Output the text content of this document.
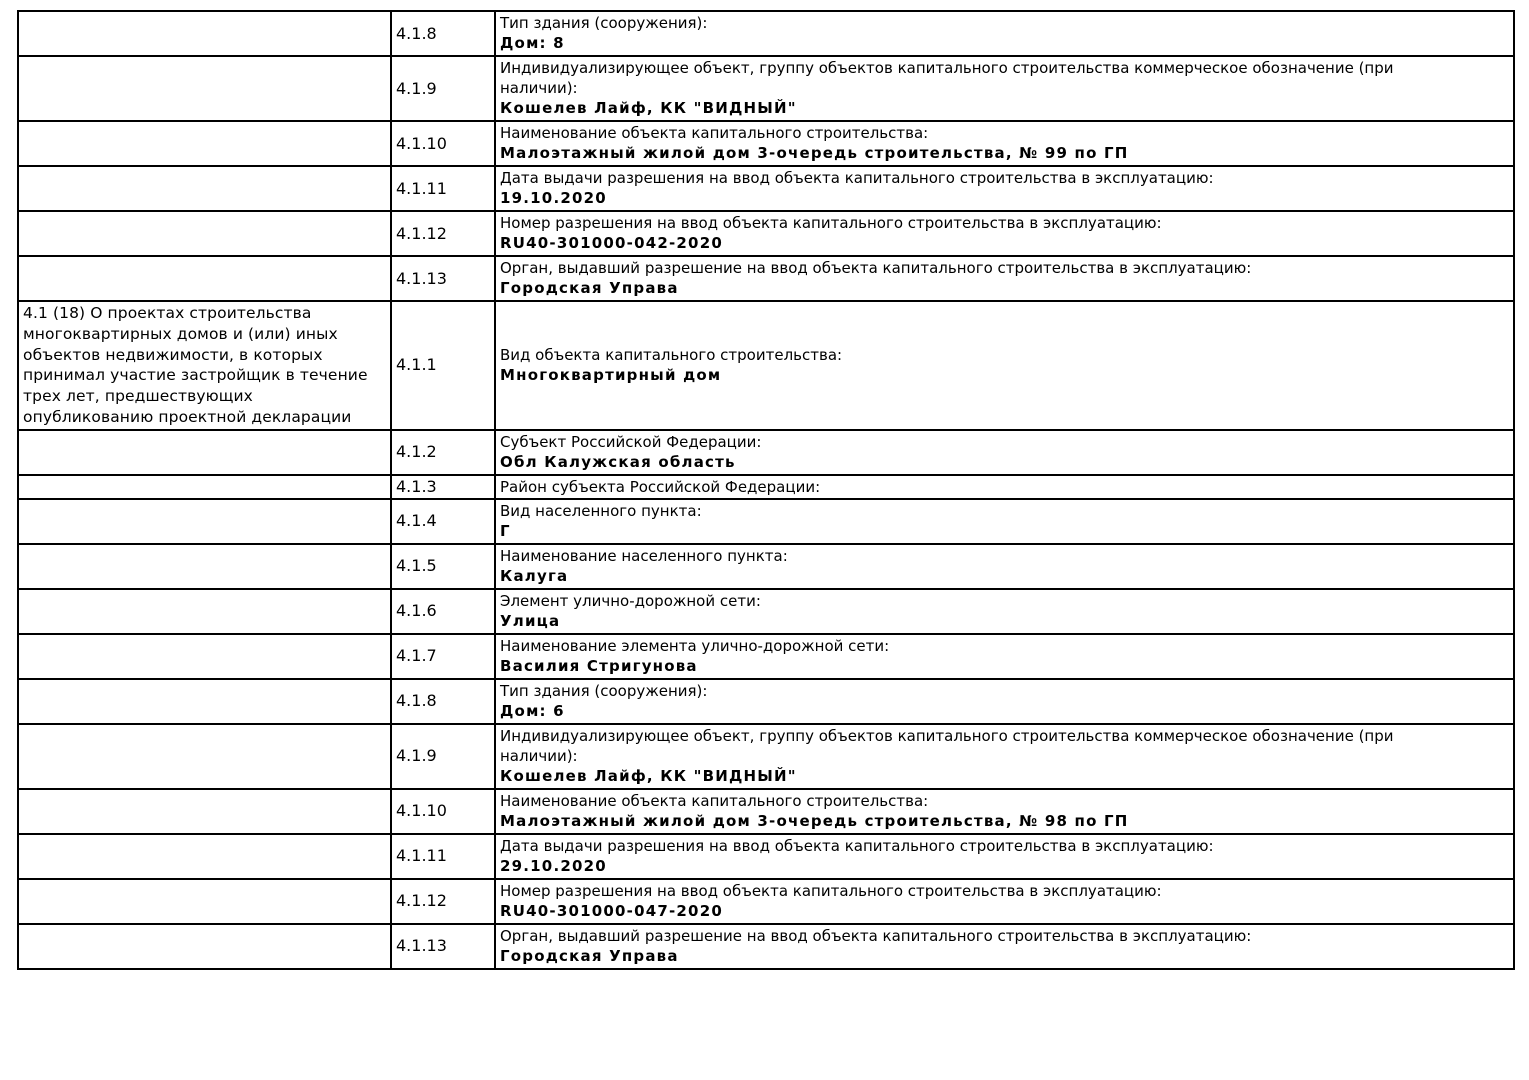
	4.1.8	Тип здания (сооружения):
Дом: 8

	4.1.9	Индивидуализирующее объект, группу объектов капитального строительства коммерческое обозначение (при наличии):
Кошелев Лайф, КК "ВИДНЫЙ"

	4.1.10	Наименование объекта капитального строительства:
Малоэтажный жилой дом 3-очередь строительства, № 99 по ГП

	4.1.11	Дата выдачи разрешения на ввод объекта капитального строительства в эксплуатацию:
19.10.2020

	4.1.12	Номер разрешения на ввод объекта капитального строительства в эксплуатацию:
RU40-301000-042-2020

	4.1.13	Орган, выдавший разрешение на ввод объекта капитального строительства в эксплуатацию:
Городская Управа

4.1 (18) О проектах строительства многоквартирных домов и (или) иных объектов недвижимости, в которых принимал участие застройщик в течение трех лет, предшествующих опубликованию проектной декларации	4.1.1	Вид объекта капитального строительства:
Многоквартирный дом

	4.1.2	Субъект Российской Федерации:
Обл Калужская область

	4.1.3	Район субъекта Российской Федерации:

	4.1.4	Вид населенного пункта:
Г

	4.1.5	Наименование населенного пункта:
Калуга

	4.1.6	Элемент улично-дорожной сети:
Улица

	4.1.7	Наименование элемента улично-дорожной сети:
Василия Стригунова

	4.1.8	Тип здания (сооружения):
Дом: 6

	4.1.9	Индивидуализирующее объект, группу объектов капитального строительства коммерческое обозначение (при наличии):
Кошелев Лайф, КК "ВИДНЫЙ"

	4.1.10	Наименование объекта капитального строительства:
Малоэтажный жилой дом 3-очередь строительства, № 98 по ГП

	4.1.11	Дата выдачи разрешения на ввод объекта капитального строительства в эксплуатацию:
29.10.2020

	4.1.12	Номер разрешения на ввод объекта капитального строительства в эксплуатацию:
RU40-301000-047-2020

	4.1.13	Орган, выдавший разрешение на ввод объекта капитального строительства в эксплуатацию:
Городская Управа
